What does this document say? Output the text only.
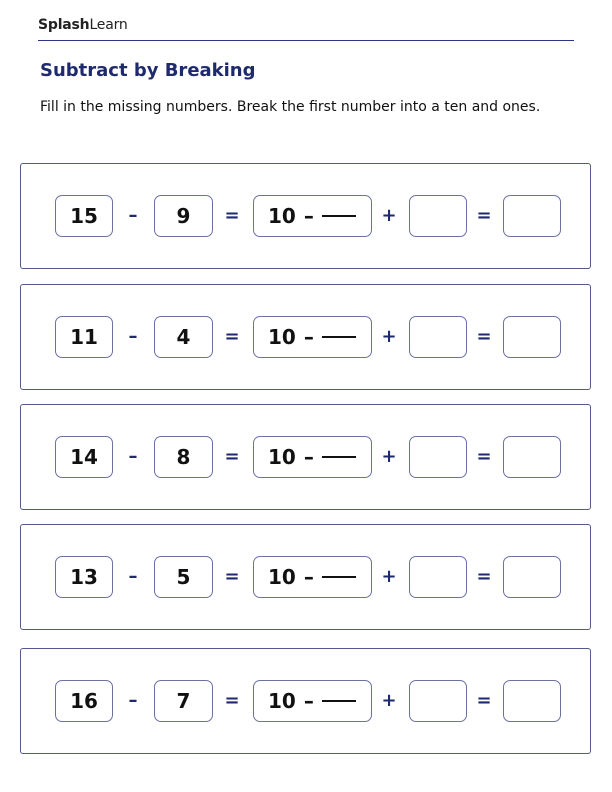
SplashLearn
Subtract by Breaking
Fill in the missing numbers. Break the first number into a ten and ones.
15	–	9	= 10 –	+	=
11	–	4	= 10 –	+	=
14	–	8	= 10 –	+	=
13	–	5	= 10 –	+	=
16	–	7	= 10 –	+	=
